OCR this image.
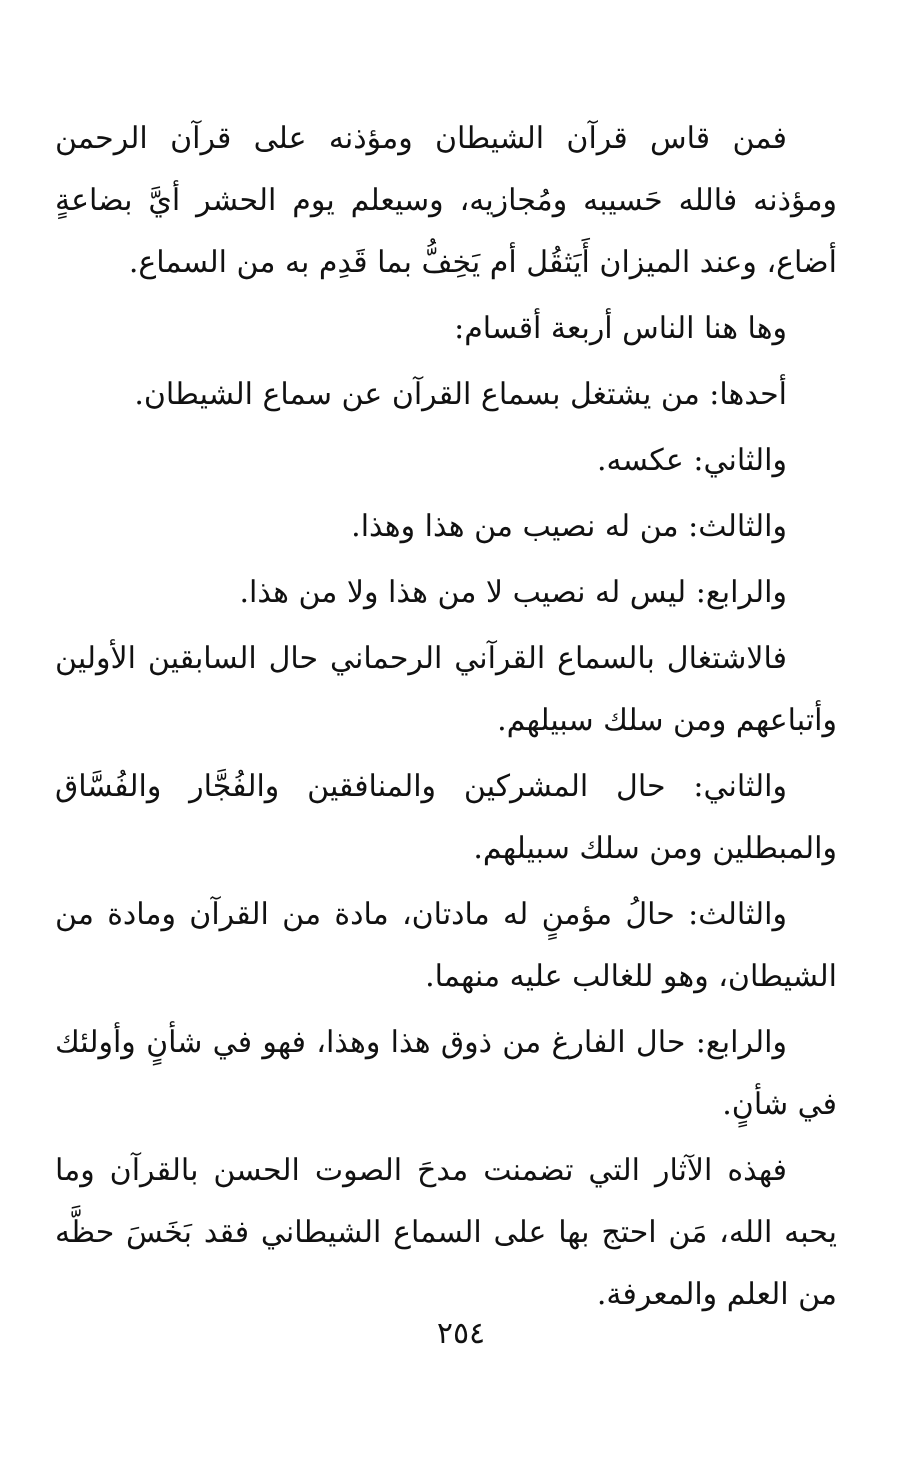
فمن قاس قرآن الشيطان ومؤذنه على قرآن الرحمن ومؤذنه فالله حَسيبه ومُجازيه، وسيعلم يوم الحشر أيَّ بضاعةٍ أضاع، وعند الميزان أَيَثقُل أم يَخِفُّ بما قَدِم به من السماع.

وها هنا الناس أربعة أقسام:

أحدها: من يشتغل بسماع القرآن عن سماع الشيطان.

والثاني: عكسه.

والثالث: من له نصيب من هذا وهذا.

والرابع: ليس له نصيب لا من هذا ولا من هذا.

فالاشتغال بالسماع القرآني الرحماني حال السابقين الأولين وأتباعهم ومن سلك سبيلهم.

والثاني: حال المشركين والمنافقين والفُجَّار والفُسَّاق والمبطلين ومن سلك سبيلهم.

والثالث: حالُ مؤمنٍ له مادتان، مادة من القرآن ومادة من الشيطان، وهو للغالب عليه منهما.

والرابع: حال الفارغ من ذوق هذا وهذا، فهو في شأنٍ وأولئك في شأنٍ.

فهذه الآثار التي تضمنت مدحَ الصوت الحسن بالقرآن وما يحبه الله، مَن احتج بها على السماع الشيطاني فقد بَخَسَ حظَّه من العلم والمعرفة.

٢٥٤
